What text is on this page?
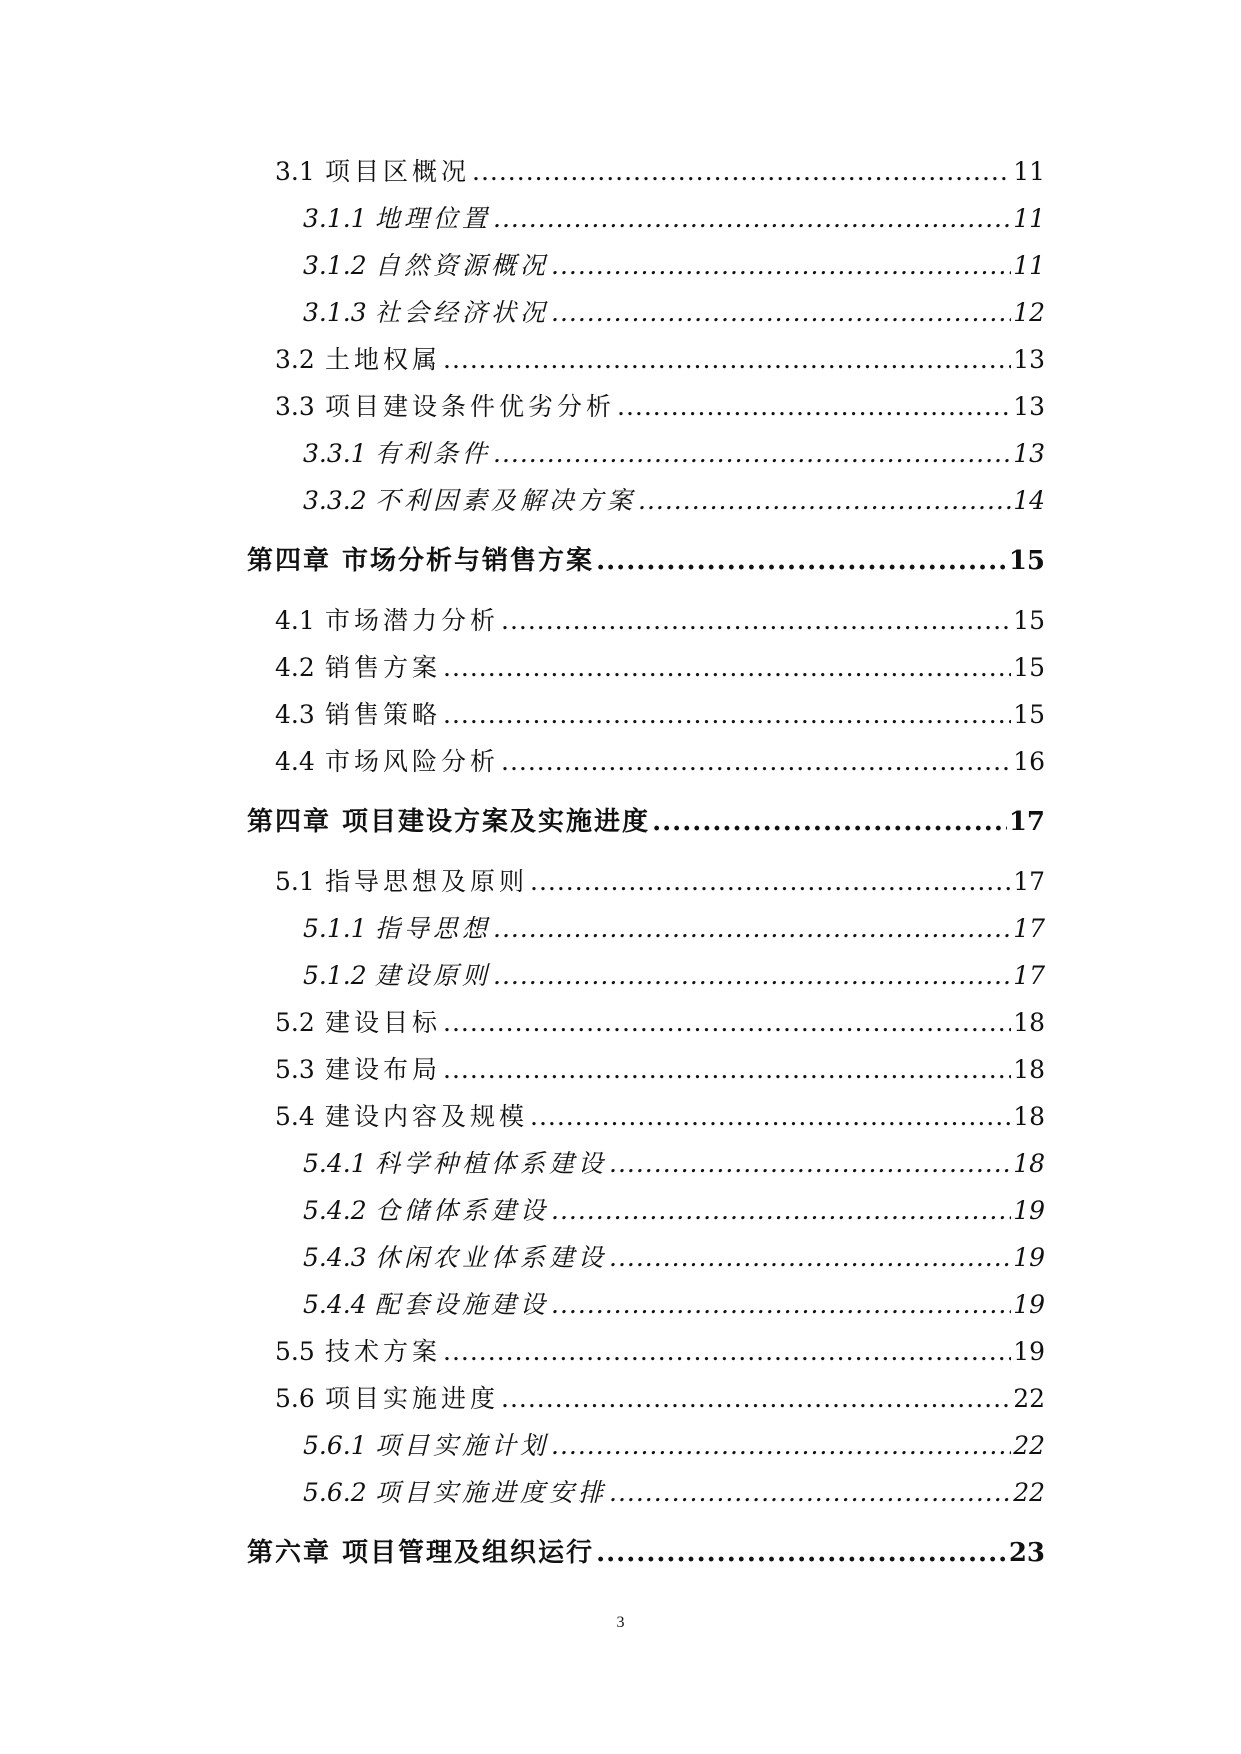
3.1 项目区概况 .....	11
3.1.1 地理位置 .....	11
3.1.2 自然资源概况 .....	11
3.1.3 社会经济状况 .....	12
3.2 土地权属 .....	13
3.3 项目建设条件优劣分析 .....	13
3.3.1 有利条件 .....	13
3.3.2 不利因素及解决方案 .....	14
第四章 市场分析与销售方案 .....	15
4.1 市场潜力分析 .....	15
4.2 销售方案 .....	15
4.3 销售策略 .....	15
4.4 市场风险分析 .....	16
第四章 项目建设方案及实施进度 .....	17
5.1 指导思想及原则 .....	17
5.1.1 指导思想 .....	17
5.1.2 建设原则 .....	17
5.2 建设目标 .....	18
5.3 建设布局 .....	18
5.4 建设内容及规模 .....	18
5.4.1 科学种植体系建设 .....	18
5.4.2 仓储体系建设 .....	19
5.4.3 休闲农业体系建设 .....	19
5.4.4 配套设施建设 .....	19
5.5 技术方案 .....	19
5.6 项目实施进度 .....	22
5.6.1 项目实施计划 .....	22
5.6.2 项目实施进度安排 .....	22
第六章 项目管理及组织运行 .....	23
3
